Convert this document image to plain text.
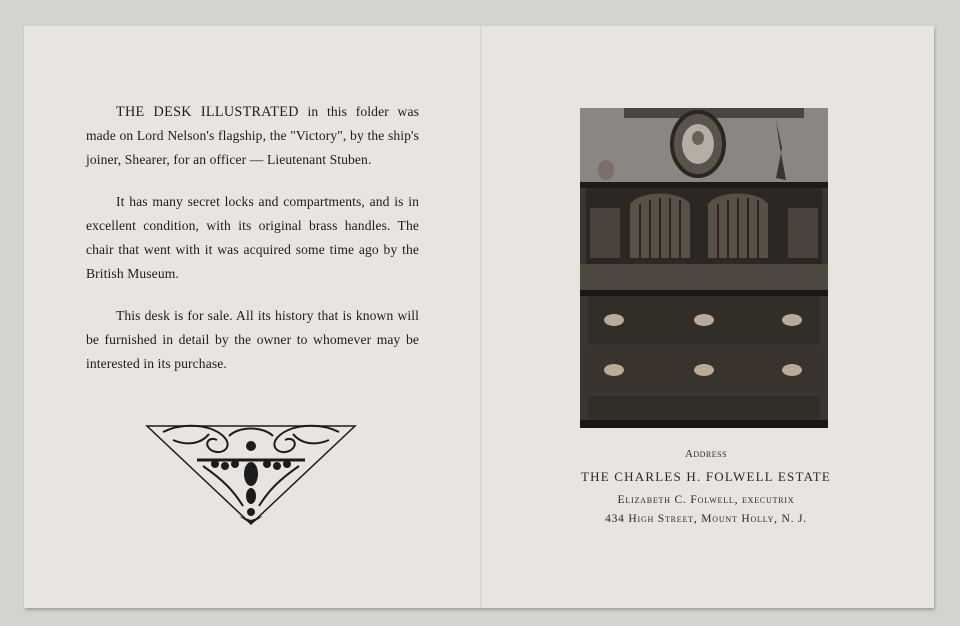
THE DESK ILLUSTRATED in this folder was made on Lord Nelson's flagship, the "Victory", by the ship's joiner, Shearer, for an officer — Lieutenant Stuben.

It has many secret locks and compartments, and is in excellent condition, with its original brass handles. The chair that went with it was acquired some time ago by the British Museum.

This desk is for sale. All its history that is known will be furnished in detail by the owner to whomever may be interested in its purchase.

Address
THE CHARLES H. FOLWELL ESTATE
Elizabeth C. Folwell, executrix
434 High Street, Mount Holly, N. J.
